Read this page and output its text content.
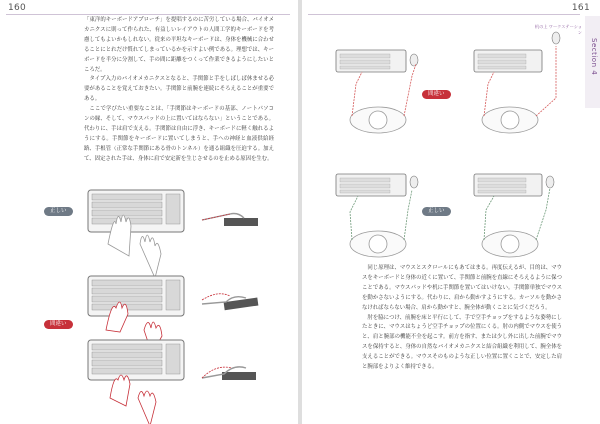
160

「東洋的キーボードアプローチ」を提唱するのに苦労している場合、バイオメカニクスに則って作られた、有益しいレイアウトの人間工学的キーボードを考慮してもよいかもしれない。従来の平坦なキーボードは、身体を機械に合わせることにとれだけ慣れてしまっているかを示すよい例である。理想では、キーボードを半分に分割して、手の間に距離をつくって作業できるようにしたいところだ。

タイプ入力のバイオメカニクスとなると、手関節と手をしばしば休ませる必要があることを覚えておきたい。手関節と前腕を連続にそろえることが重要である。

ここで学びたい重要なことは、「手関節はキーボードの基部、ノートパソコンの縁、そして、マウスパッドの上に置いてはならない」ということである。代わりに、手は肩で支える。手関節は自由に浮き、キーボードに軽く触れるようにする。手関節をキーボードに置いてしまうと、手への神経と血液供給経路、手根管（正常な手関節にある骨のトンネル）を通る組織を圧迫する。加えて、固定された手は、身体に肩で安定新を生じさせるのを止める原因を生む。

正しい
間違い
161
Section 4
机の上 ワークステーション
間違い
正しい

同じ原理は、マウスとスクロールにもあてはまる。再度伝えるが、目的は、マウスをキーボードと身体の近くに置いて、手関節と前腕を直線にそろえるように保つことである。マウスパッドや机に手関節を置いてはいけない。手関節単独でマウスを動かさないようにする。代わりに、肩から動かすようにする。カーソルを動かさなければならない場合、肩から動かすと、腕全体が動くことに気づくだろう。

肘を脇につけ、前腕を床と平行にして、手で空手チョップをするような姿勢にしたときに、マウスはちょうど空手チョップの位置にくる。肘の内側でマウスを使うと、肩と腕部の機能不全を起こす。前方を指す、または少し外に出した前腕でマウスを保持すると、身体の自然なバイオメカニクスと結合組織を利用して、腕全体を支えることができる。マウスそのものような正しい位置に置くことで、安定した肩と腕部をよりよく維持できる。
